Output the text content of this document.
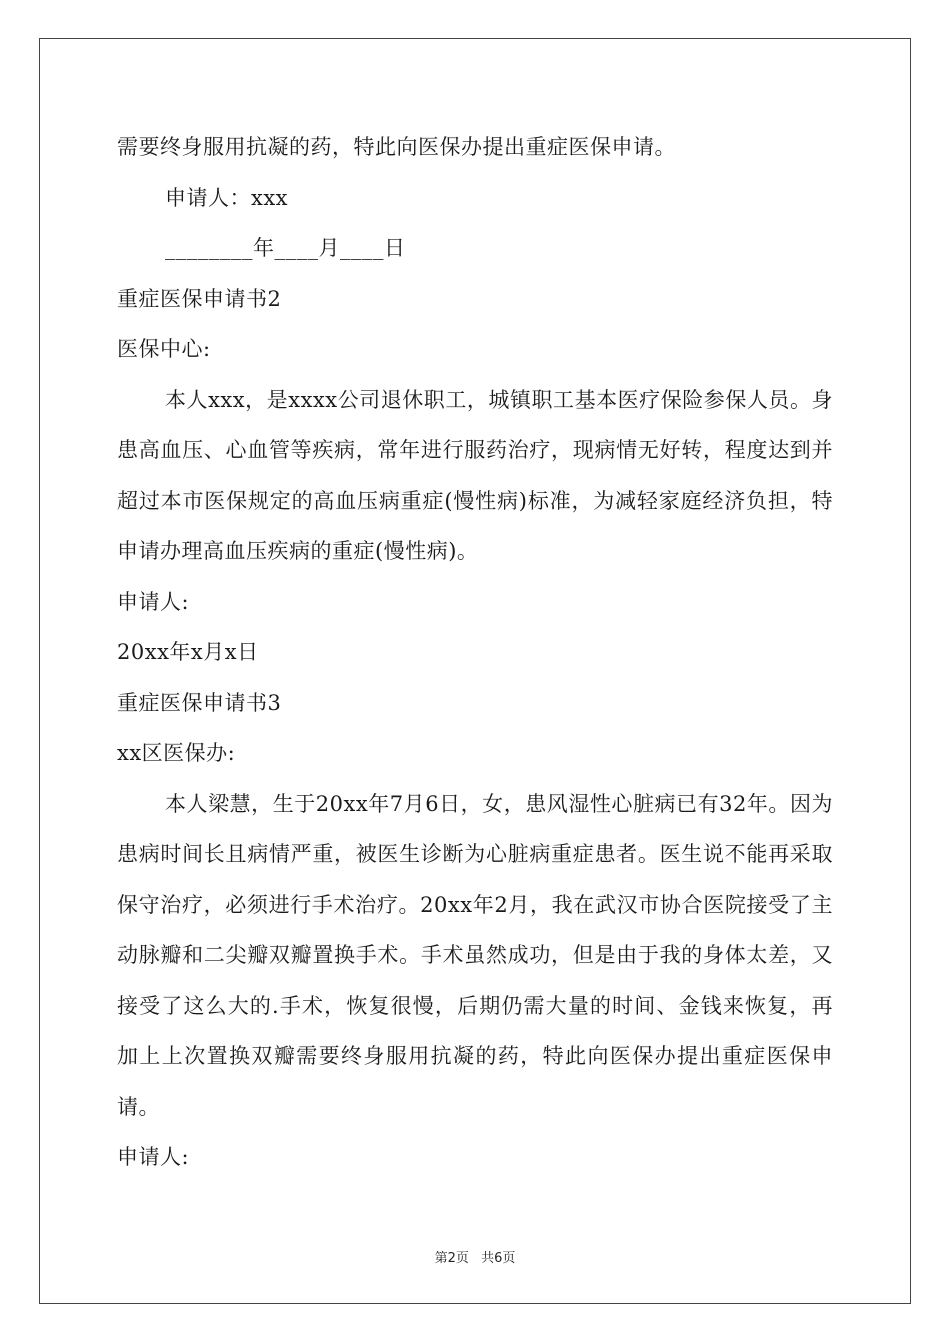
需要终身服用抗凝的药，特此向医保办提出重症医保申请。
申请人：xxx
________年____月____日
重症医保申请书2
医保中心:
本人xxx，是xxxx公司退休职工，城镇职工基本医疗保险参保人员。身患高血压、心血管等疾病，常年进行服药治疗，现病情无好转，程度达到并超过本市医保规定的高血压病重症(慢性病)标准，为减轻家庭经济负担，特申请办理高血压疾病的重症(慢性病)。
申请人:
20xx年x月x日
重症医保申请书3
xx区医保办:
本人梁慧，生于20xx年7月6日，女，患风湿性心脏病已有32年。因为患病时间长且病情严重，被医生诊断为心脏病重症患者。医生说不能再采取保守治疗，必须进行手术治疗。20xx年2月，我在武汉市协合医院接受了主动脉瓣和二尖瓣双瓣置换手术。手术虽然成功，但是由于我的身体太差，又接受了这么大的.手术，恢复很慢，后期仍需大量的时间、金钱来恢复，再加上上次置换双瓣需要终身服用抗凝的药，特此向医保办提出重症医保申请。
申请人:
第2页 共6页
